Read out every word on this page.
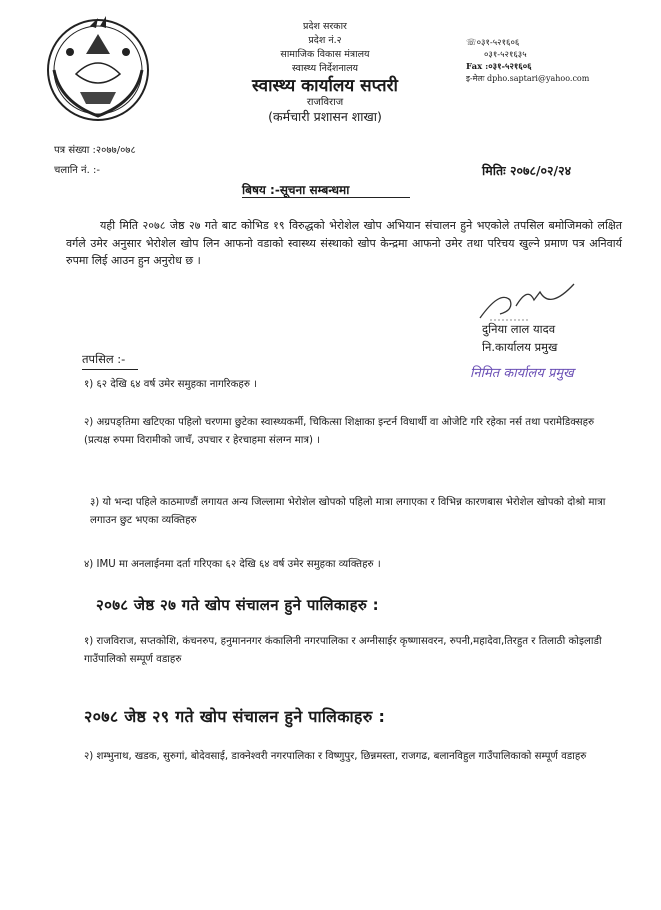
प्रदेश सरकार
प्रदेश नं.२
सामाजिक विकास मंत्रालय
स्वास्थ्य निर्देशनालय
स्वास्थ्य कार्यालय सप्तरी
राजविराज
(कर्मचारी प्रशासन शाखा)
☏०३१-५२१६०६
०३१-५२१६३५
Fax :०३१-५२१६०६
इ-मेलः dpho.saptari@yahoo.com
पत्र संख्या :२०७७/०७८
चलानि नं. :-	मितिः २०७८/०२/२४
बिषय :-सूचना सम्बन्धमा
यही मिति २०७८ जेष्ठ २७ गते बाट कोभिड १९ विरुद्धको भेरोशेल खोप अभियान संचालन हुने भएकोले तपसिल बमोजिमको लक्षित वर्गले उमेर अनुसार भेरोशेल खोप लिन आफनो वडाको स्वास्थ्य संस्थाको खोप केन्द्रमा आफनो उमेर तथा परिचय खुल्ने प्रमाण पत्र अनिवार्य रुपमा लिई आउन हुन अनुरोध छ ।
दुनिया लाल यादव
नि.कार्यालय प्रमुख
निमित कार्यालय प्रमुख
तपसिल :-
१) ६२ देखि ६४ वर्ष उमेर समुहका नागरिकहरु ।
२) अग्रपङ्तिमा खटिएका पहिलो चरणमा छुटेका स्वास्थ्यकर्मी, चिकित्सा शिक्षाका इन्टर्न विधार्थी वा ओजेटि गरि रहेका नर्स तथा परामेडिक्सहरु (प्रत्यक्ष रुपमा विरामीको जाचँ, उपचार र हेरचाहमा संलग्न मात्र) ।
३) यो भन्दा पहिले काठमाण्डौं लगायत अन्य जिल्लामा भेरोशेल खोपको पहिलो मात्रा लगाएका र विभिन्न कारणबास भेरोशेल खोपको दोश्रो मात्रा लगाउन छुट भएका व्यक्तिहरु
४) IMU मा अनलाईनमा दर्ता गरिएका ६२ देखि ६४ वर्ष उमेर समुहका व्यक्तिहरु ।
२०७८ जेष्ठ २७ गते खोप संचालन हुने पालिकाहरु :
१) राजविराज, सप्तकोशि, कंचनरुप, हनुमाननगर कंकालिनी नगरपालिका र अग्नीसाईर कृष्णासवरन, रुपनी,महादेवा,तिरहुत र तिलाठी कोइलाडी गाउँपालिको सम्पूर्ण वडाहरु
२०७८ जेष्ठ २९ गते खोप संचालन हुने पालिकाहरु :
२) शम्भुनाथ, खडक, सुरुगां, बोदेवसाई, डाक्नेश्वरी नगरपालिका र विष्णुपुर, छिन्नमस्ता, राजगढ, बलानविहुल गाउँपालिकाको सम्पूर्ण वडाहरु
